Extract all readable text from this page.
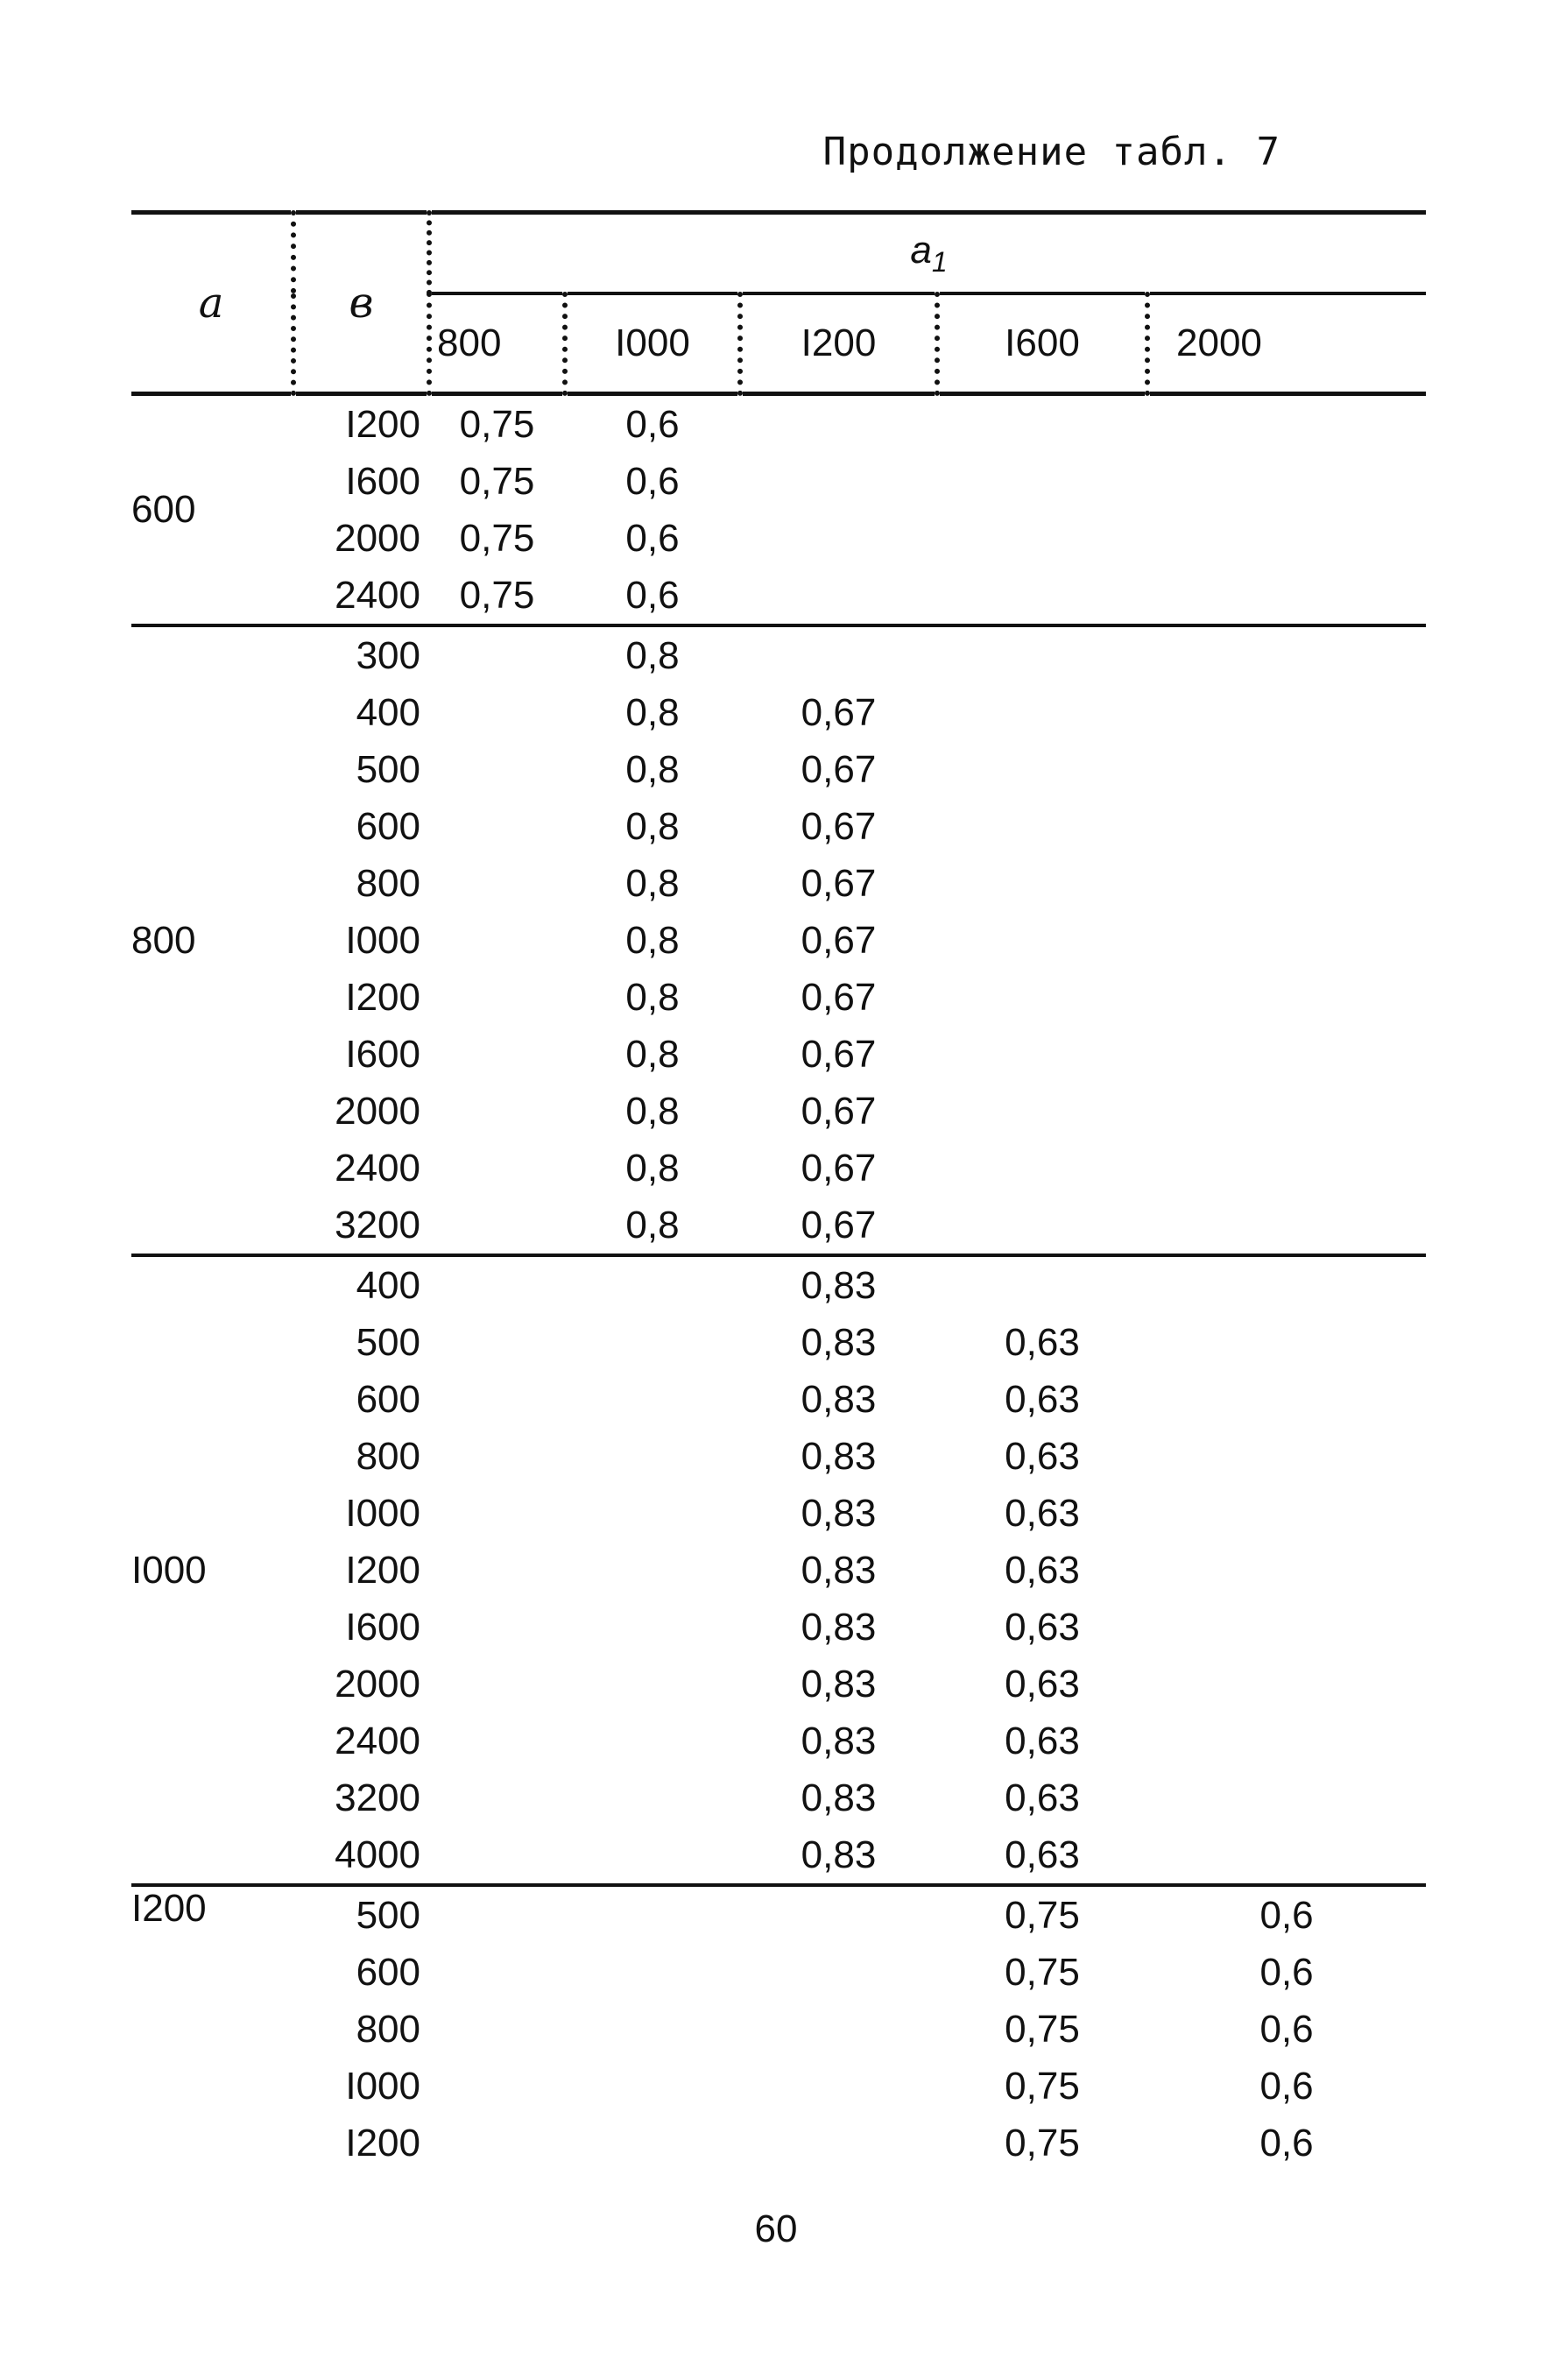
Продолжение табл. 7
a	в	$a_1$
		800	I000	I200	I600	2000
600	I200	0,75	0,6			
	I600	0,75	0,6			
	2000	0,75	0,6			
	2400	0,75	0,6			
800	300		0,8			
	400		0,8	0,67		
	500		0,8	0,67		
	600		0,8	0,67		
	800		0,8	0,67		
	I000		0,8	0,67		
	I200		0,8	0,67		
	I600		0,8	0,67		
	2000		0,8	0,67		
	2400		0,8	0,67		
	3200		0,8	0,67		
I000	400			0,83		
	500			0,83	0,63	
	600			0,83	0,63	
	800			0,83	0,63	
	I000			0,83	0,63	
	I200			0,83	0,63	
	I600			0,83	0,63	
	2000			0,83	0,63	
	2400			0,83	0,63	
	3200			0,83	0,63	
	4000			0,83	0,63	
I200	500				0,75	0,6
	600				0,75	0,6
	800				0,75	0,6
	I000				0,75	0,6
	I200				0,75	0,6
60
